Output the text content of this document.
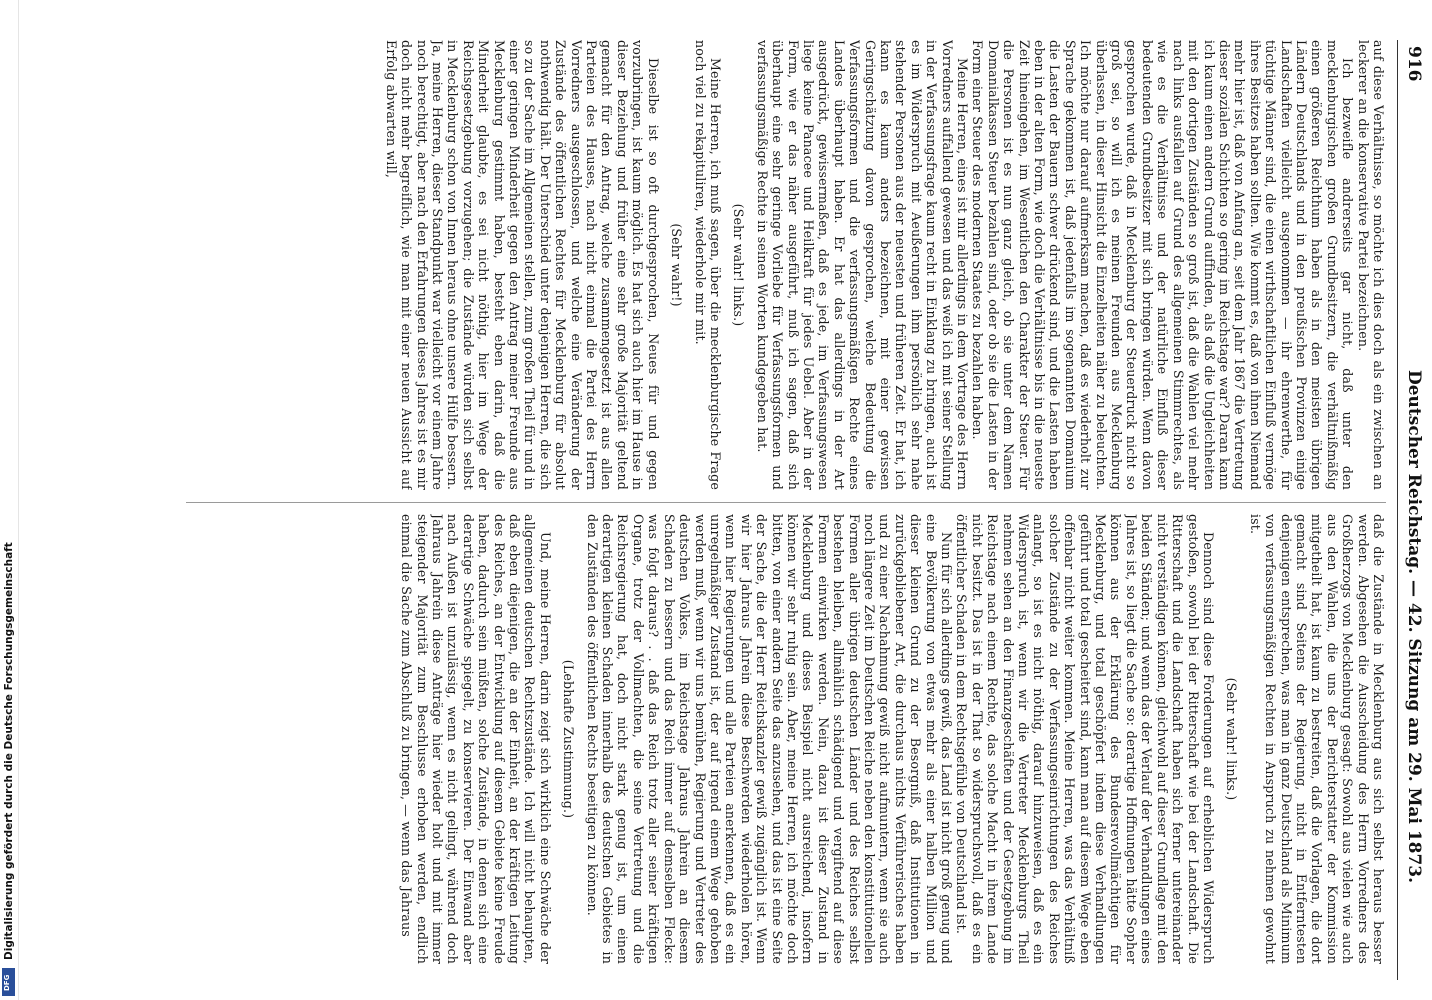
Digitalisierung gefördert durch die Deutsche Forschungsgemeinschaft
DFG
916
Deutscher Reichstag. — 42. Sitzung am 29. Mai 1873.

auf diese Verhältnisse, so möchte ich dies doch als ein zwischen an leckerer an die konservative Partei bezeichnen.

Ich bezweifle andrerseits gar nicht, daß unter den mecklenburgischen großen Grundbesitzern, die verhältnißmäßig einen größeren Reichthum haben als in den meisten übrigen Ländern Deutschlands und in den preußischen Provinzen einige Landschaften vielleicht ausgenommen — ihr ehrenwerthe, für tüchtige Männer sind, die einen wirthschaftlichen Einfluß vermöge ihres Besitzes haben sollten. Wie kommt es, daß von ihnen Niemand mehr hier ist, daß von Anfang an, seit dem Jahr 1867 die Vertretung dieser sozialen Schichten so gering im Reichstage war? Daran kann ich kaum einen andern Grund auffinden, als daß die Ungleichheiten mit den dortigen Zuständen so groß ist, daß die Wahlen viel mehr nach links ausfallen auf Grund des allgemeinen Stimmrechtes, als wie es die Verhältnisse und der natürliche Einfluß dieser bedeutenden Grundbesitzer mit sich bringen würden. Wenn davon gesprochen wurde, daß in Mecklenburg der Steuerdruck nicht so groß sei, so will ich es meinen Freunden aus Mecklenburg überlassen, in dieser Hinsicht die Einzelheiten näher zu beleuchten. Ich möchte nur darauf aufmerksam machen, daß es wiederholt zur Sprache gekommen ist, daß jedenfalls im sogenannten Domanium die Lasten der Bauern schwer drückend sind, und die Lasten haben eben in der alten Form, wie doch die Verhältnisse bis in die neueste Zeit hineingehen, im Wesentlichen den Charakter der Steuer. Für die Personen ist es nun ganz gleich, ob sie unter dem Namen Domanialkassen Steuer bezahlen sind, oder ob sie die Lasten in der Form einer Steuer des modernen Staates zu bezahlen haben.

Meine Herren, eines ist mir allerdings in dem Vortrage des Herrn Vorredners auffallend gewesen und das weiß ich mit seiner Stellung in der Verfassungsfrage kaum recht in Einklang zu bringen, auch ist es im Widerspruch mit Aeußerungen ihm persönlich sehr nahe stehender Personen aus der neuesten und früheren Zeit. Er hat, ich kann es kaum anders bezeichnen, mit einer gewissen Geringschätzung davon gesprochen, welche Bedeutung die Verfassungsformen und die verfassungsmäßigen Rechte eines Landes überhaupt haben. Er hat das allerdings in der Art ausgedrückt, gewissermaßen, daß es jede, im Verfassungswesen liege keine Panacee und Heilkraft für jedes Uebel. Aber in der Form, wie er das näher ausgeführt, muß ich sagen, daß sich überhaupt eine sehr geringe Vorliebe für Verfassungsformen und verfassungsmäßige Rechte in seinen Worten kundgegeben hat.

(Sehr wahr! links.)

Meine Herren, ich muß sagen, über die mecklenburgische Frage noch viel zu rekapituliren, wiederhole mir mit.

(Sehr wahr!)

Dieselbe ist so oft durchgesprochen, Neues für und gegen vorzubringen, ist kaum möglich. Es hat sich auch hier im Hause in dieser Beziehung und früher eine sehr große Majorität geltend gemacht für den Antrag, welche zusammengesetzt ist aus allen Parteien des Hauses, nach nicht einmal die Partei des Herrn Vorredners ausgeschlossen, und welche eine Veränderung der Zustände des öffentlichen Rechtes für Mecklenburg für absolut nothwendig hält. Der Unterschied unter denjenigen Herren, die sich so zu der Sache im Allgemeinen stellen, zum großen Theil für und in einer geringen Minderheit gegen den Antrag meiner Freunde aus Mecklenburg gestimmt haben, besteht eben darin, daß die Minderheit glaubte, es sei nicht nöthig, hier im Wege der Reichsgesetzgebung vorzugehen; die Zustände würden sich selbst in Mecklenburg schon von Innen heraus ohne unsere Hülfe bessern. Ja, meine Herren, dieser Standpunkt war vielleicht vor einem Jahre noch berechtigt, aber nach den Erfahrungen dieses Jahres ist es mir doch nicht mehr begreiflich, wie man mit einer neuen Aussicht auf Erfolg abwarten will,

daß die Zustände in Mecklenburg aus sich selbst heraus besser werden. Abgesehen die Ausscheidung des Herrn Vorredners des Großherzogs von Mecklenburg gesagt: Sowohl aus vielen wie auch aus den Wahlen, die uns der Berichterstatter der Kommission mitgetheilt hat, ist kaum zu bestreiten, daß die Vorlagen, die dort gemacht sind Seitens der Regierung, nicht in Entferntesten denjenigen entsprechen, was man in ganz Deutschland als Minimum von verfassungsmäßigen Rechten in Anspruch zu nehmen gewohnt ist.

(Sehr wahr! links.)

Dennoch sind diese Forderungen auf erheblichen Widerspruch gestoßen, sowohl bei der Ritterschaft wie bei der Landschaft. Die Ritterschaft und die Landschaft haben sich ferner untereinander nicht verständigen können, gleichwohl auf dieser Grundlage mit den beiden Ständen; und wenn das der Verlauf der Verhandlungen eines Jahres ist, so liegt die Sache so: derartige Hoffnungen hätte Sopher können aus der Erklärung des Bundesrevollmächtigen für Mecklenburg, und total geschöpfert indem diese Verhandlungen geführt und total gescheitert sind, kann man auf diesem Wege eben offenbar nicht weiter kommen. Meine Herren, was das Verhältniß solcher Zustände zu der Verfassungseinrichtungen des Reiches anlangt, so ist es nicht nöthig, darauf hinzuweisen, daß es ein Widerspruch ist, wenn wir die Vertreter Mecklenburgs Theil nehmen sehen an den Finanzgeschäften und der Gesetzgebung im Reichstage nach einem Rechte, das solche Macht in ihrem Lande nicht besitzt. Das ist in der That so widerspruchsvoll, daß es ein öffentlicher Schaden in dem Rechtsgefühle von Deutschland ist.

Nun für sich allerdings gewiß, das Land ist nicht groß genug und eine Bevölkerung von etwas mehr als einer halben Million und dieser kleinen Grund zu der Besorgniß, daß Institutionen in zurückgebliebener Art, die durchaus nichts Verführerisches haben und zu einer Nachahmung gewiß nicht aufmuntern, wenn sie auch noch längere Zeit im Deutschen Reiche neben den konstitutionellen Formen aller übrigen deutschen Länder und des Reiches selbst bestehen bleiben, allmählich schädigend und vergiftend auf diese Formen einwirken werden. Nein, dazu ist dieser Zustand in Mecklenburg und dieses Beispiel nicht ausreichend, insofern können wir sehr ruhig sein. Aber, meine Herren, ich möchte doch bitten, von einer andern Seite das anzusehen, und das ist eine Seite der Sache, die der Herr Reichskanzler gewiß zugänglich ist. Wenn wir hier Jahraus Jahrein diese Beschwerden wiederholen hören, wenn hier Regierungen und alle Parteien anerkennen, daß es ein unregelmäßiger Zustand ist, der auf irgend einem Wege gehoben werden muß, wenn wir uns bemühen, Regierung und Vertreter des deutschen Volkes, im Reichstage Jahraus Jahrein an diesem Schaden zu bessern und das Reich immer auf demselben Flecke: was folgt daraus? . . daß das Reich trotz aller seiner kräftigen Organe, trotz der Vollmachten, die seine Vertretung und die Reichsregierung hat, doch nicht stark genug ist, um einen derartigen kleinen Schaden innerhalb des deutschen Gebietes in den Zuständen des öffentlichen Rechts beseitigen zu können.

(Lebhafte Zustimmung.)

Und, meine Herren, darin zeigt sich wirklich eine Schwäche der allgemeinen deutschen Rechtszustände. Ich will nicht behaupten, daß eben diejenigen, die an der Einheit, an der kräftigen Leitung des Reiches, an der Entwicklung auf diesem Gebiete keine Freude haben, dadurch sein müßten, solche Zustände, in denen sich eine derartige Schwäche spiegelt, zu konservieren. Der Einwand aber nach Außen ist unzulässig, wenn es nicht gelingt, während doch Jahraus Jahrein diese Anträge hier wieder holt und mit immer steigender Majorität zum Beschlusse erhoben werden, endlich einmal die Sache zum Abschluß zu bringen, — wenn das Jahraus
